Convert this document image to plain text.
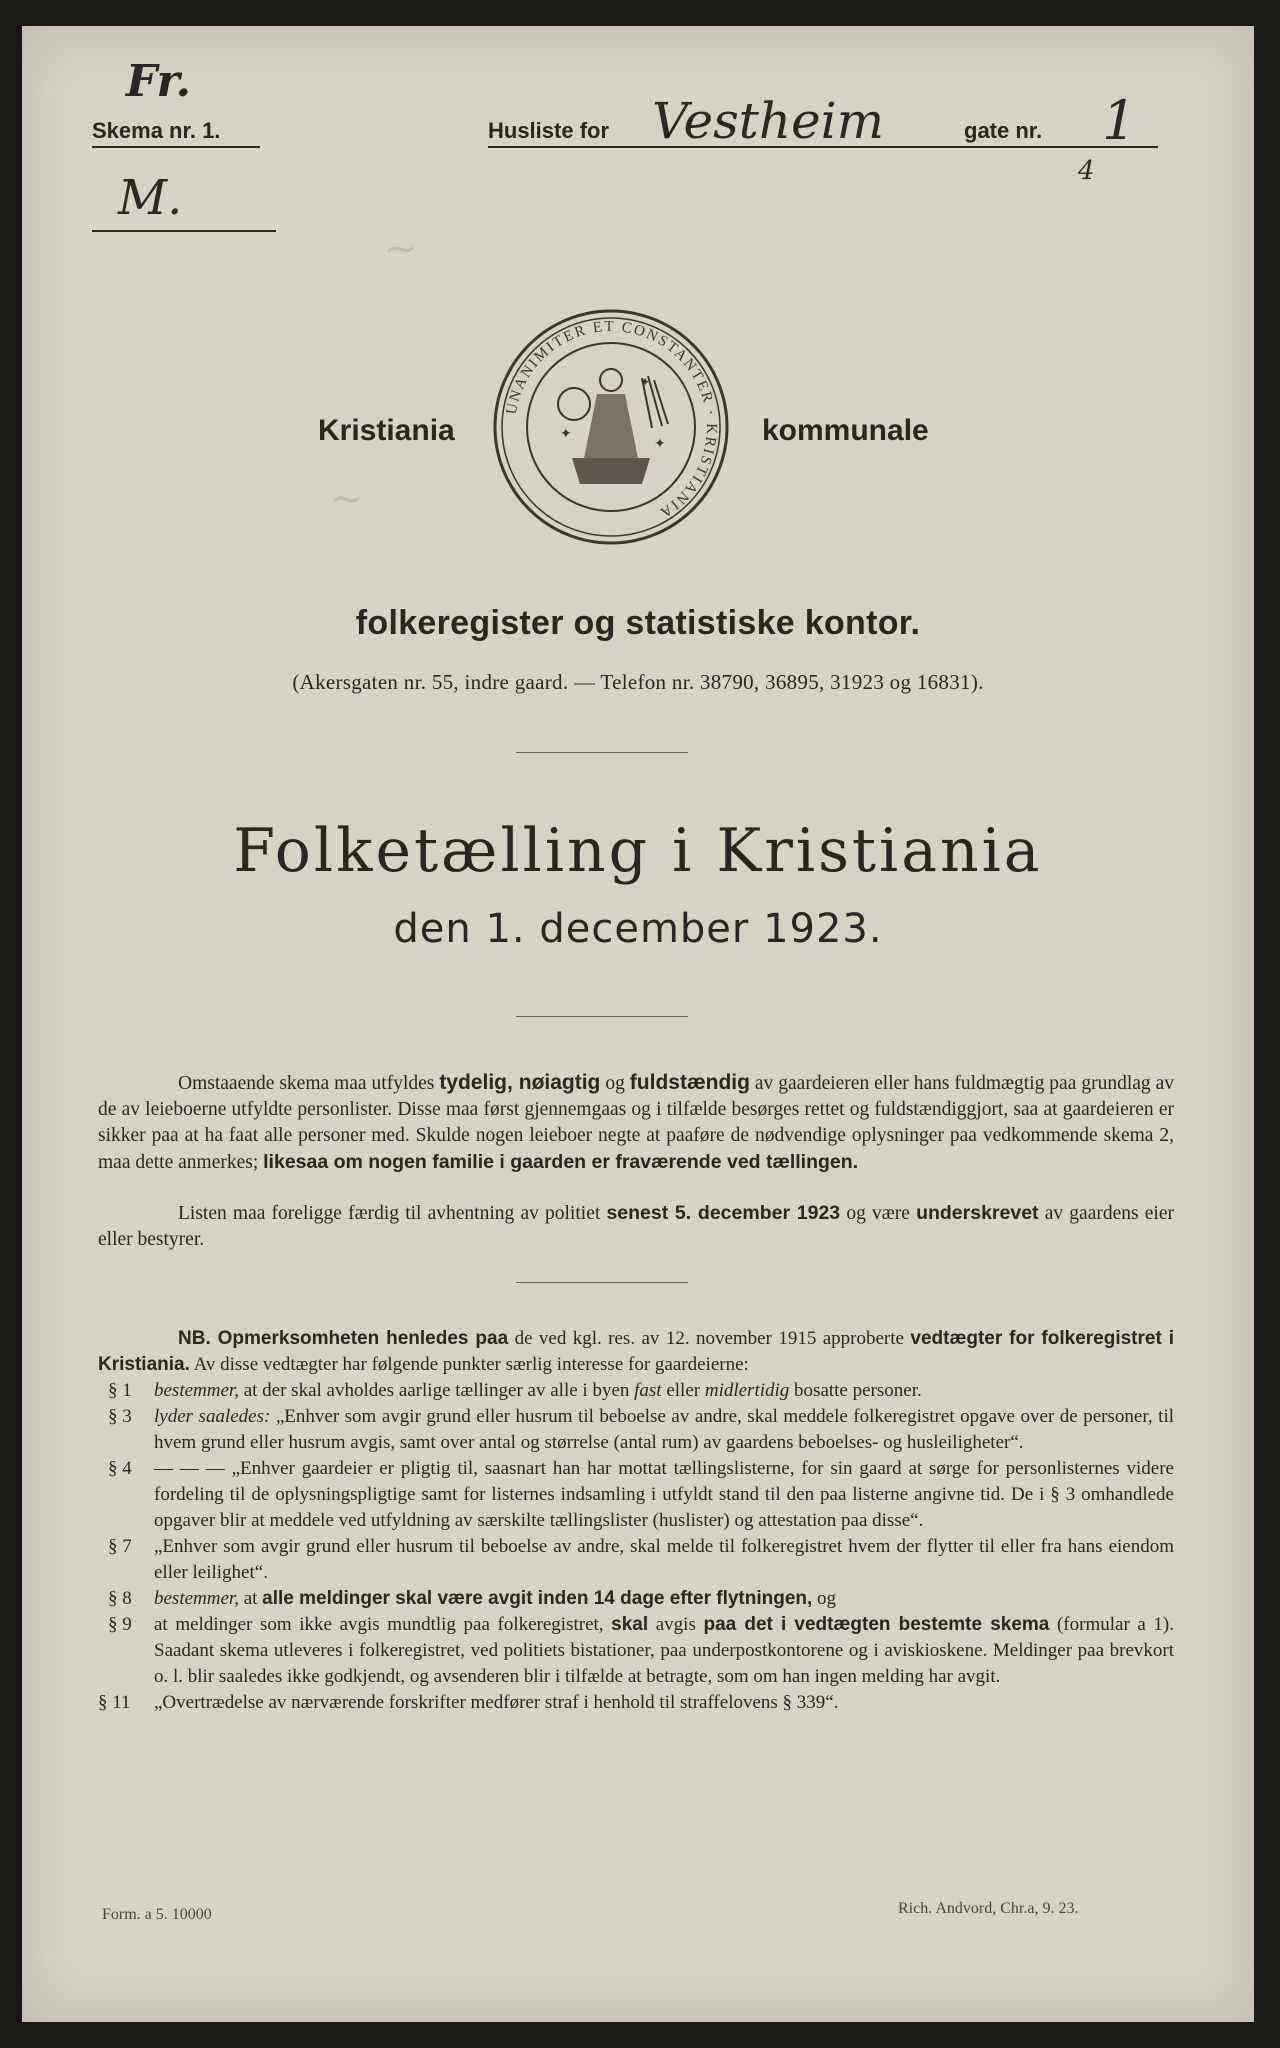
Fr.
Skema nr. 1.
M.
Husliste for Vestheim	gate nr. 1
4
~
~
Kristiania	kommunale
UNANIMITER ET CONSTANTER · KRISTIANIA
✦
✦
✦
folkeregister og statistiske kontor.
(Akersgaten nr. 55, indre gaard. — Telefon nr. 38790, 36895, 31923 og 16831).
Folketælling i Kristiania
den 1. december 1923.
Omstaaende skema maa utfyldes tydelig, nøiagtig og fuldstændig av gaardeieren eller hans fuldmægtig paa grundlag av de av leieboerne utfyldte personlister. Disse maa først gjennemgaas og i tilfælde besørges rettet og fuldstændiggjort, saa at gaardeieren er sikker paa at ha faat alle personer med. Skulde nogen leieboer negte at paaføre de nødvendige oplysninger paa vedkommende skema 2, maa dette anmerkes; likesaa om nogen familie i gaarden er fraværende ved tællingen.
Listen maa foreligge færdig til avhentning av politiet senest 5. december 1923 og være underskrevet av gaardens eier eller bestyrer.
NB. Opmerksomheten henledes paa de ved kgl. res. av 12. november 1915 approberte vedtægter for folkeregistret i Kristiania. Av disse vedtægter har følgende punkter særlig interesse for gaardeierne:
§ 1	bestemmer, at der skal avholdes aarlige tællinger av alle i byen fast eller midlertidig bosatte personer.
§ 3	lyder saaledes: „Enhver som avgir grund eller husrum til beboelse av andre, skal meddele folkeregistret opgave over de personer, til hvem grund eller husrum avgis, samt over antal og størrelse (antal rum) av gaardens beboelses- og husleiligheter“.
§ 4	— — — „Enhver gaardeier er pligtig til, saasnart han har mottat tællingslisterne, for sin gaard at sørge for personlisternes videre fordeling til de oplysningspligtige samt for listernes indsamling i utfyldt stand til den paa listerne angivne tid. De i § 3 omhandlede opgaver blir at meddele ved utfyldning av særskilte tællingslister (huslister) og attestation paa disse“.
§ 7	„Enhver som avgir grund eller husrum til beboelse av andre, skal melde til folkeregistret hvem der flytter til eller fra hans eiendom eller leilighet“.
§ 8	bestemmer, at alle meldinger skal være avgit inden 14 dage efter flytningen, og
§ 9	at meldinger som ikke avgis mundtlig paa folkeregistret, skal avgis paa det i vedtægten bestemte skema (formular a 1). Saadant skema utleveres i folkeregistret, ved politiets bistationer, paa underpostkontorene og i aviskioskene. Meldinger paa brevkort o. l. blir saaledes ikke godkjendt, og avsenderen blir i tilfælde at betragte, som om han ingen melding har avgit.
§ 11	„Overtrædelse av nærværende forskrifter medfører straf i henhold til straffelovens § 339“.
Form. a 5. 10000	Rich. Andvord, Chr.a, 9. 23.
